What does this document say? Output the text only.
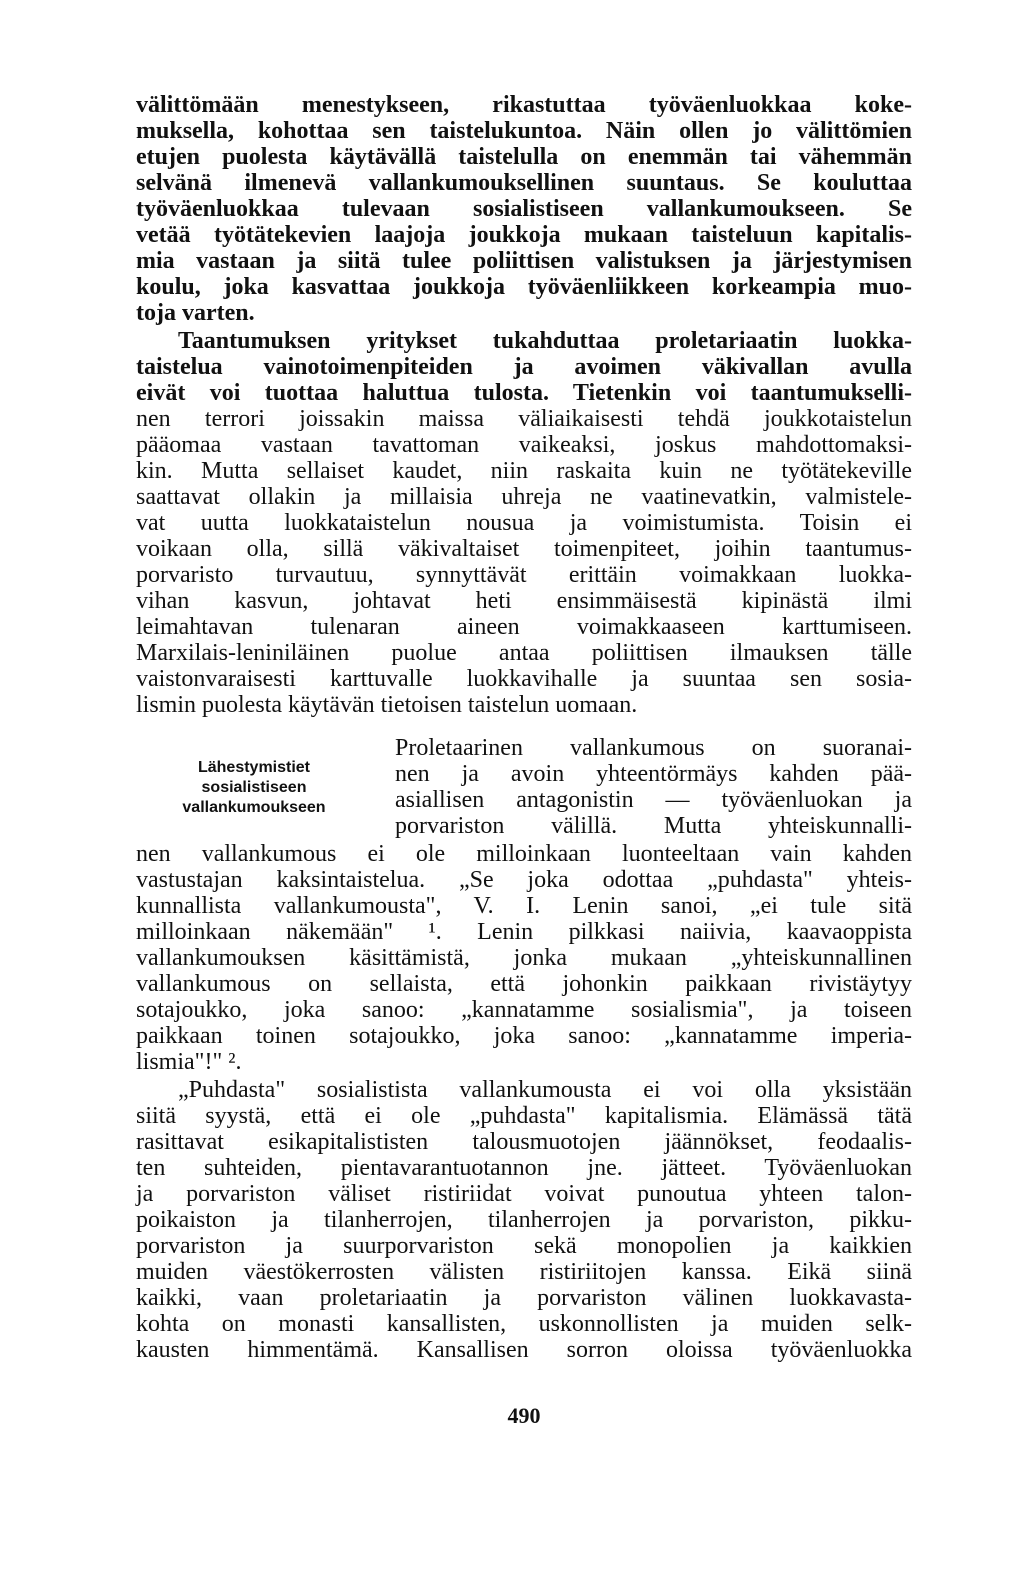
välittömään menestykseen, rikastuttaa työväenluokkaa koke-
muksella, kohottaa sen taistelukuntoa. Näin ollen jo välittömien
etujen puolesta käytävällä taistelulla on enemmän tai vähemmän
selvänä ilmenevä vallankumouksellinen suuntaus. Se kouluttaa
työväenluokkaa tulevaan sosialistiseen vallankumoukseen. Se
vetää työtätekevien laajoja joukkoja mukaan taisteluun kapitalis-
mia vastaan ja siitä tulee poliittisen valistuksen ja järjestymisen
koulu, joka kasvattaa joukkoja työväenliikkeen korkeampia muo-
toja varten.
Taantumuksen yritykset tukahduttaa proletariaatin luokka-
taistelua vainotoimenpiteiden ja avoimen väkivallan avulla
eivät voi tuottaa haluttua tulosta. Tietenkin voi taantumukselli-
nen terrori joissakin maissa väliaikaisesti tehdä joukkotaistelun
pääomaa vastaan tavattoman vaikeaksi, joskus mahdottomaksi-
kin. Mutta sellaiset kaudet, niin raskaita kuin ne työtätekeville
saattavat ollakin ja millaisia uhreja ne vaatinevatkin, valmistele-
vat uutta luokkataistelun nousua ja voimistumista. Toisin ei
voikaan olla, sillä väkivaltaiset toimenpiteet, joihin taantumus-
porvaristo turvautuu, synnyttävät erittäin voimakkaan luokka-
vihan kasvun, johtavat heti ensimmäisestä kipinästä ilmi
leimahtavan tulenaran aineen voimakkaaseen karttumiseen.
Marxilais-leniniläinen puolue antaa poliittisen ilmauksen tälle
vaistonvaraisesti karttuvalle luokkavihalle ja suuntaa sen sosia-
lismin puolesta käytävän tietoisen taistelun uomaan.
Lähestymistiet
sosialistiseen
vallankumoukseen
Proletaarinen vallankumous on suoranai-
nen ja avoin yhteentörmäys kahden pää-
asiallisen antagonistin — työväenluokan ja
porvariston välillä. Mutta yhteiskunnalli-
nen vallankumous ei ole milloinkaan luonteeltaan vain kahden
vastustajan kaksintaistelua. „Se joka odottaa „puhdasta" yhteis-
kunnallista vallankumousta", V. I. Lenin sanoi, „ei tule sitä
milloinkaan näkemään" ¹. Lenin pilkkasi naiivia, kaavaoppista
vallankumouksen käsittämistä, jonka mukaan „yhteiskunnallinen
vallankumous on sellaista, että johonkin paikkaan rivistäytyy
sotajoukko, joka sanoo: „kannatamme sosialismia", ja toiseen
paikkaan toinen sotajoukko, joka sanoo: „kannatamme imperia-
lismia"!" ².
„Puhdasta" sosialistista vallankumousta ei voi olla yksistään
siitä syystä, että ei ole „puhdasta" kapitalismia. Elämässä tätä
rasittavat esikapitalististen talousmuotojen jäännökset, feodaalis-
ten suhteiden, pientavarantuotannon jne. jätteet. Työväenluokan
ja porvariston väliset ristiriidat voivat punoutua yhteen talon-
poikaiston ja tilanherrojen, tilanherrojen ja porvariston, pikku-
porvariston ja suurporvariston sekä monopolien ja kaikkien
muiden väestökerrosten välisten ristiriitojen kanssa. Eikä siinä
kaikki, vaan proletariaatin ja porvariston välinen luokkavasta-
kohta on monasti kansallisten, uskonnollisten ja muiden selk-
kausten himmentämä. Kansallisen sorron oloissa työväenluokka
490
